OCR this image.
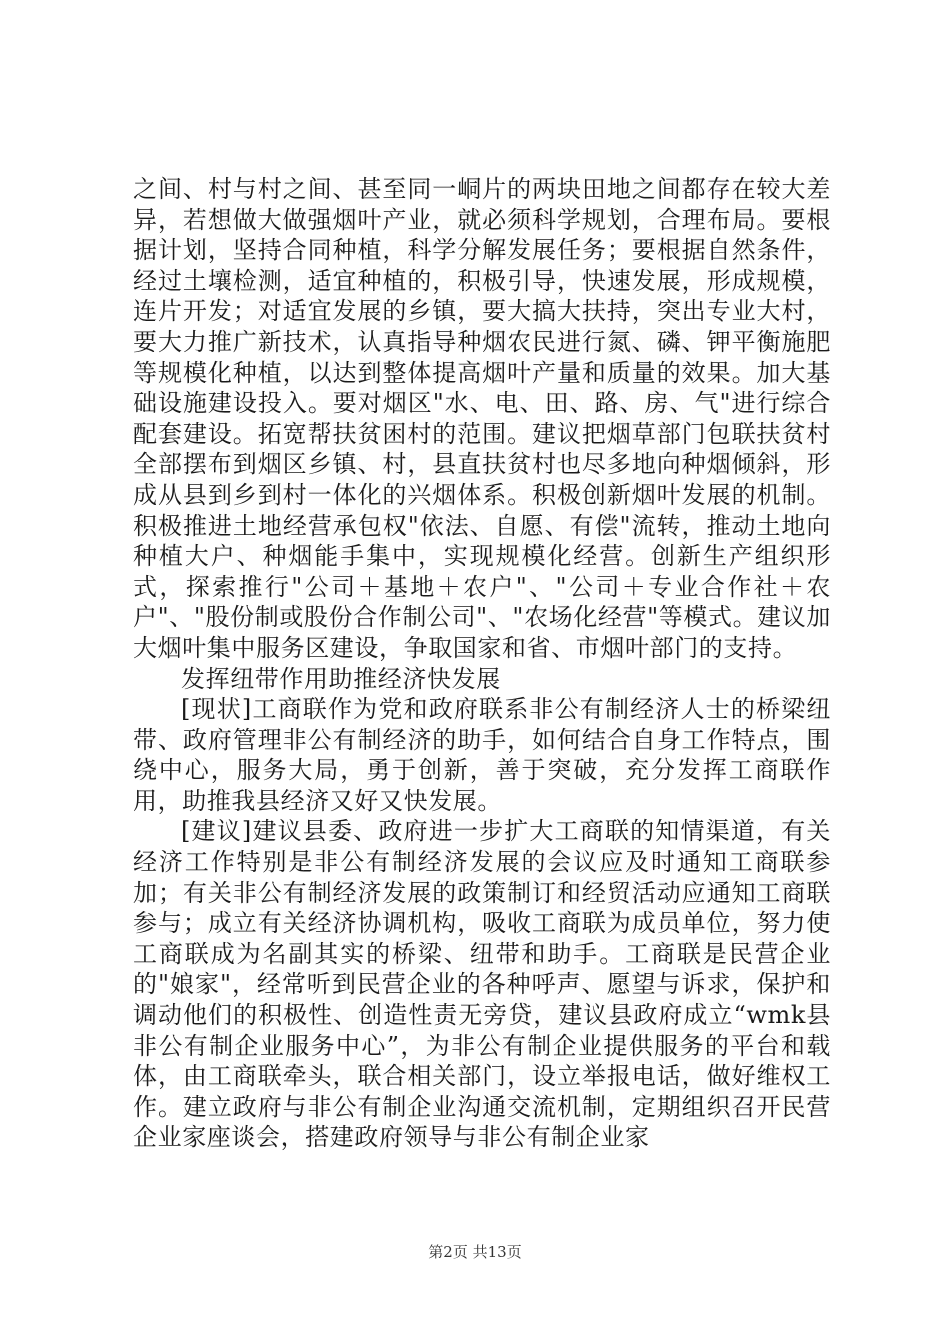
之间、村与村之间、甚至同一峒片的两块田地之间都存在较大差异，若想做大做强烟叶产业，就必须科学规划，合理布局。要根据计划，坚持合同种植，科学分解发展任务；要根据自然条件，经过土壤检测，适宜种植的，积极引导，快速发展，形成规模，连片开发；对适宜发展的乡镇，要大搞大扶持，突出专业大村，要大力推广新技术，认真指导种烟农民进行氮、磷、钾平衡施肥等规模化种植，以达到整体提高烟叶产量和质量的效果。加大基础设施建设投入。要对烟区"水、电、田、路、房、气"进行综合配套建设。拓宽帮扶贫困村的范围。建议把烟草部门包联扶贫村全部摆布到烟区乡镇、村，县直扶贫村也尽多地向种烟倾斜，形成从县到乡到村一体化的兴烟体系。积极创新烟叶发展的机制。积极推进土地经营承包权"依法、自愿、有偿"流转，推动土地向种植大户、种烟能手集中，实现规模化经营。创新生产组织形式，探索推行"公司＋基地＋农户"、"公司＋专业合作社＋农户"、"股份制或股份合作制公司"、"农场化经营"等模式。建议加大烟叶集中服务区建设，争取国家和省、市烟叶部门的支持。

发挥纽带作用助推经济快发展

[现状]工商联作为党和政府联系非公有制经济人士的桥梁纽带、政府管理非公有制经济的助手，如何结合自身工作特点，围绕中心，服务大局，勇于创新，善于突破，充分发挥工商联作用，助推我县经济又好又快发展。

[建议]建议县委、政府进一步扩大工商联的知情渠道，有关经济工作特别是非公有制经济发展的会议应及时通知工商联参加；有关非公有制经济发展的政策制订和经贸活动应通知工商联参与；成立有关经济协调机构，吸收工商联为成员单位，努力使工商联成为名副其实的桥梁、纽带和助手。工商联是民营企业的"娘家"，经常听到民营企业的各种呼声、愿望与诉求，保护和调动他们的积极性、创造性责无旁贷，建议县政府成立“wmk县非公有制企业服务中心”，为非公有制企业提供服务的平台和载体，由工商联牵头，联合相关部门，设立举报电话，做好维权工作。建立政府与非公有制企业沟通交流机制，定期组织召开民营企业家座谈会，搭建政府领导与非公有制企业家

第2页 共13页
